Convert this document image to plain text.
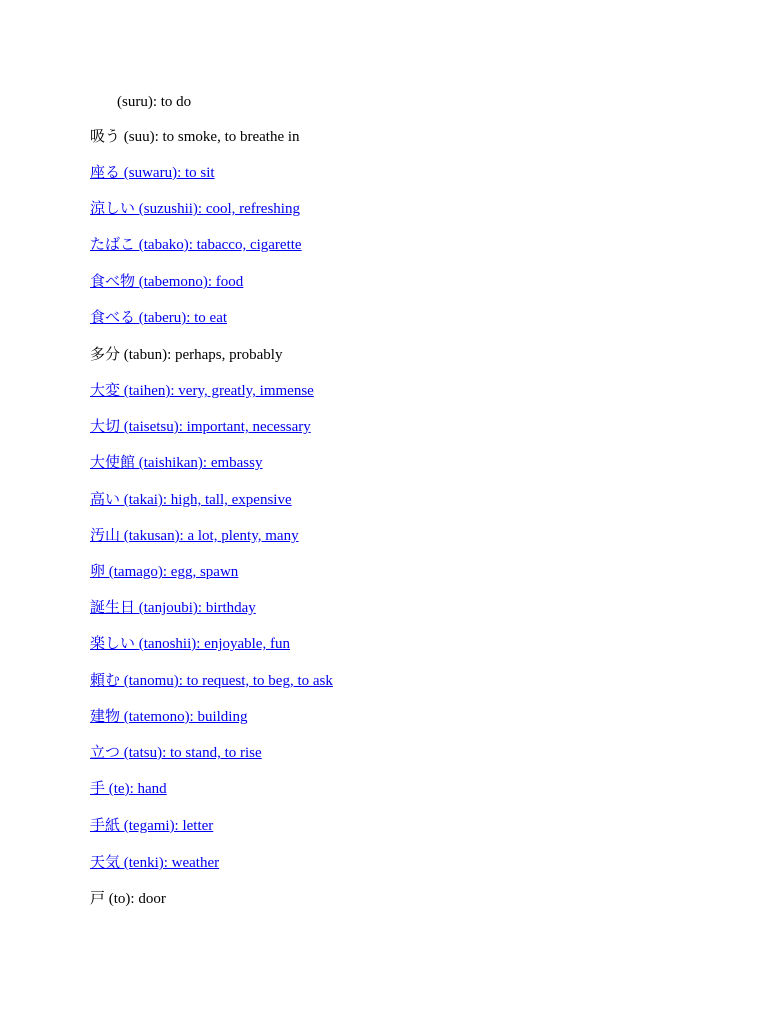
(suru): to do
吸う (suu): to smoke, to breathe in
座る (suwaru): to sit
涼しい (suzushii): cool, refreshing
たばこ (tabako): tabacco, cigarette
食べ物 (tabemono): food
食べる (taberu): to eat
多分 (tabun): perhaps, probably
大変 (taihen): very, greatly, immense
大切 (taisetsu): important, necessary
大使館 (taishikan): embassy
高い (takai): high, tall, expensive
汚山 (takusan): a lot, plenty, many
卵 (tamago): egg, spawn
誕生日 (tanjoubi): birthday
楽しい (tanoshii): enjoyable, fun
頼む (tanomu): to request, to beg, to ask
建物 (tatemono): building
立つ (tatsu): to stand, to rise
手 (te): hand
手紙 (tegami): letter
天気 (tenki): weather
戸 (to): door
